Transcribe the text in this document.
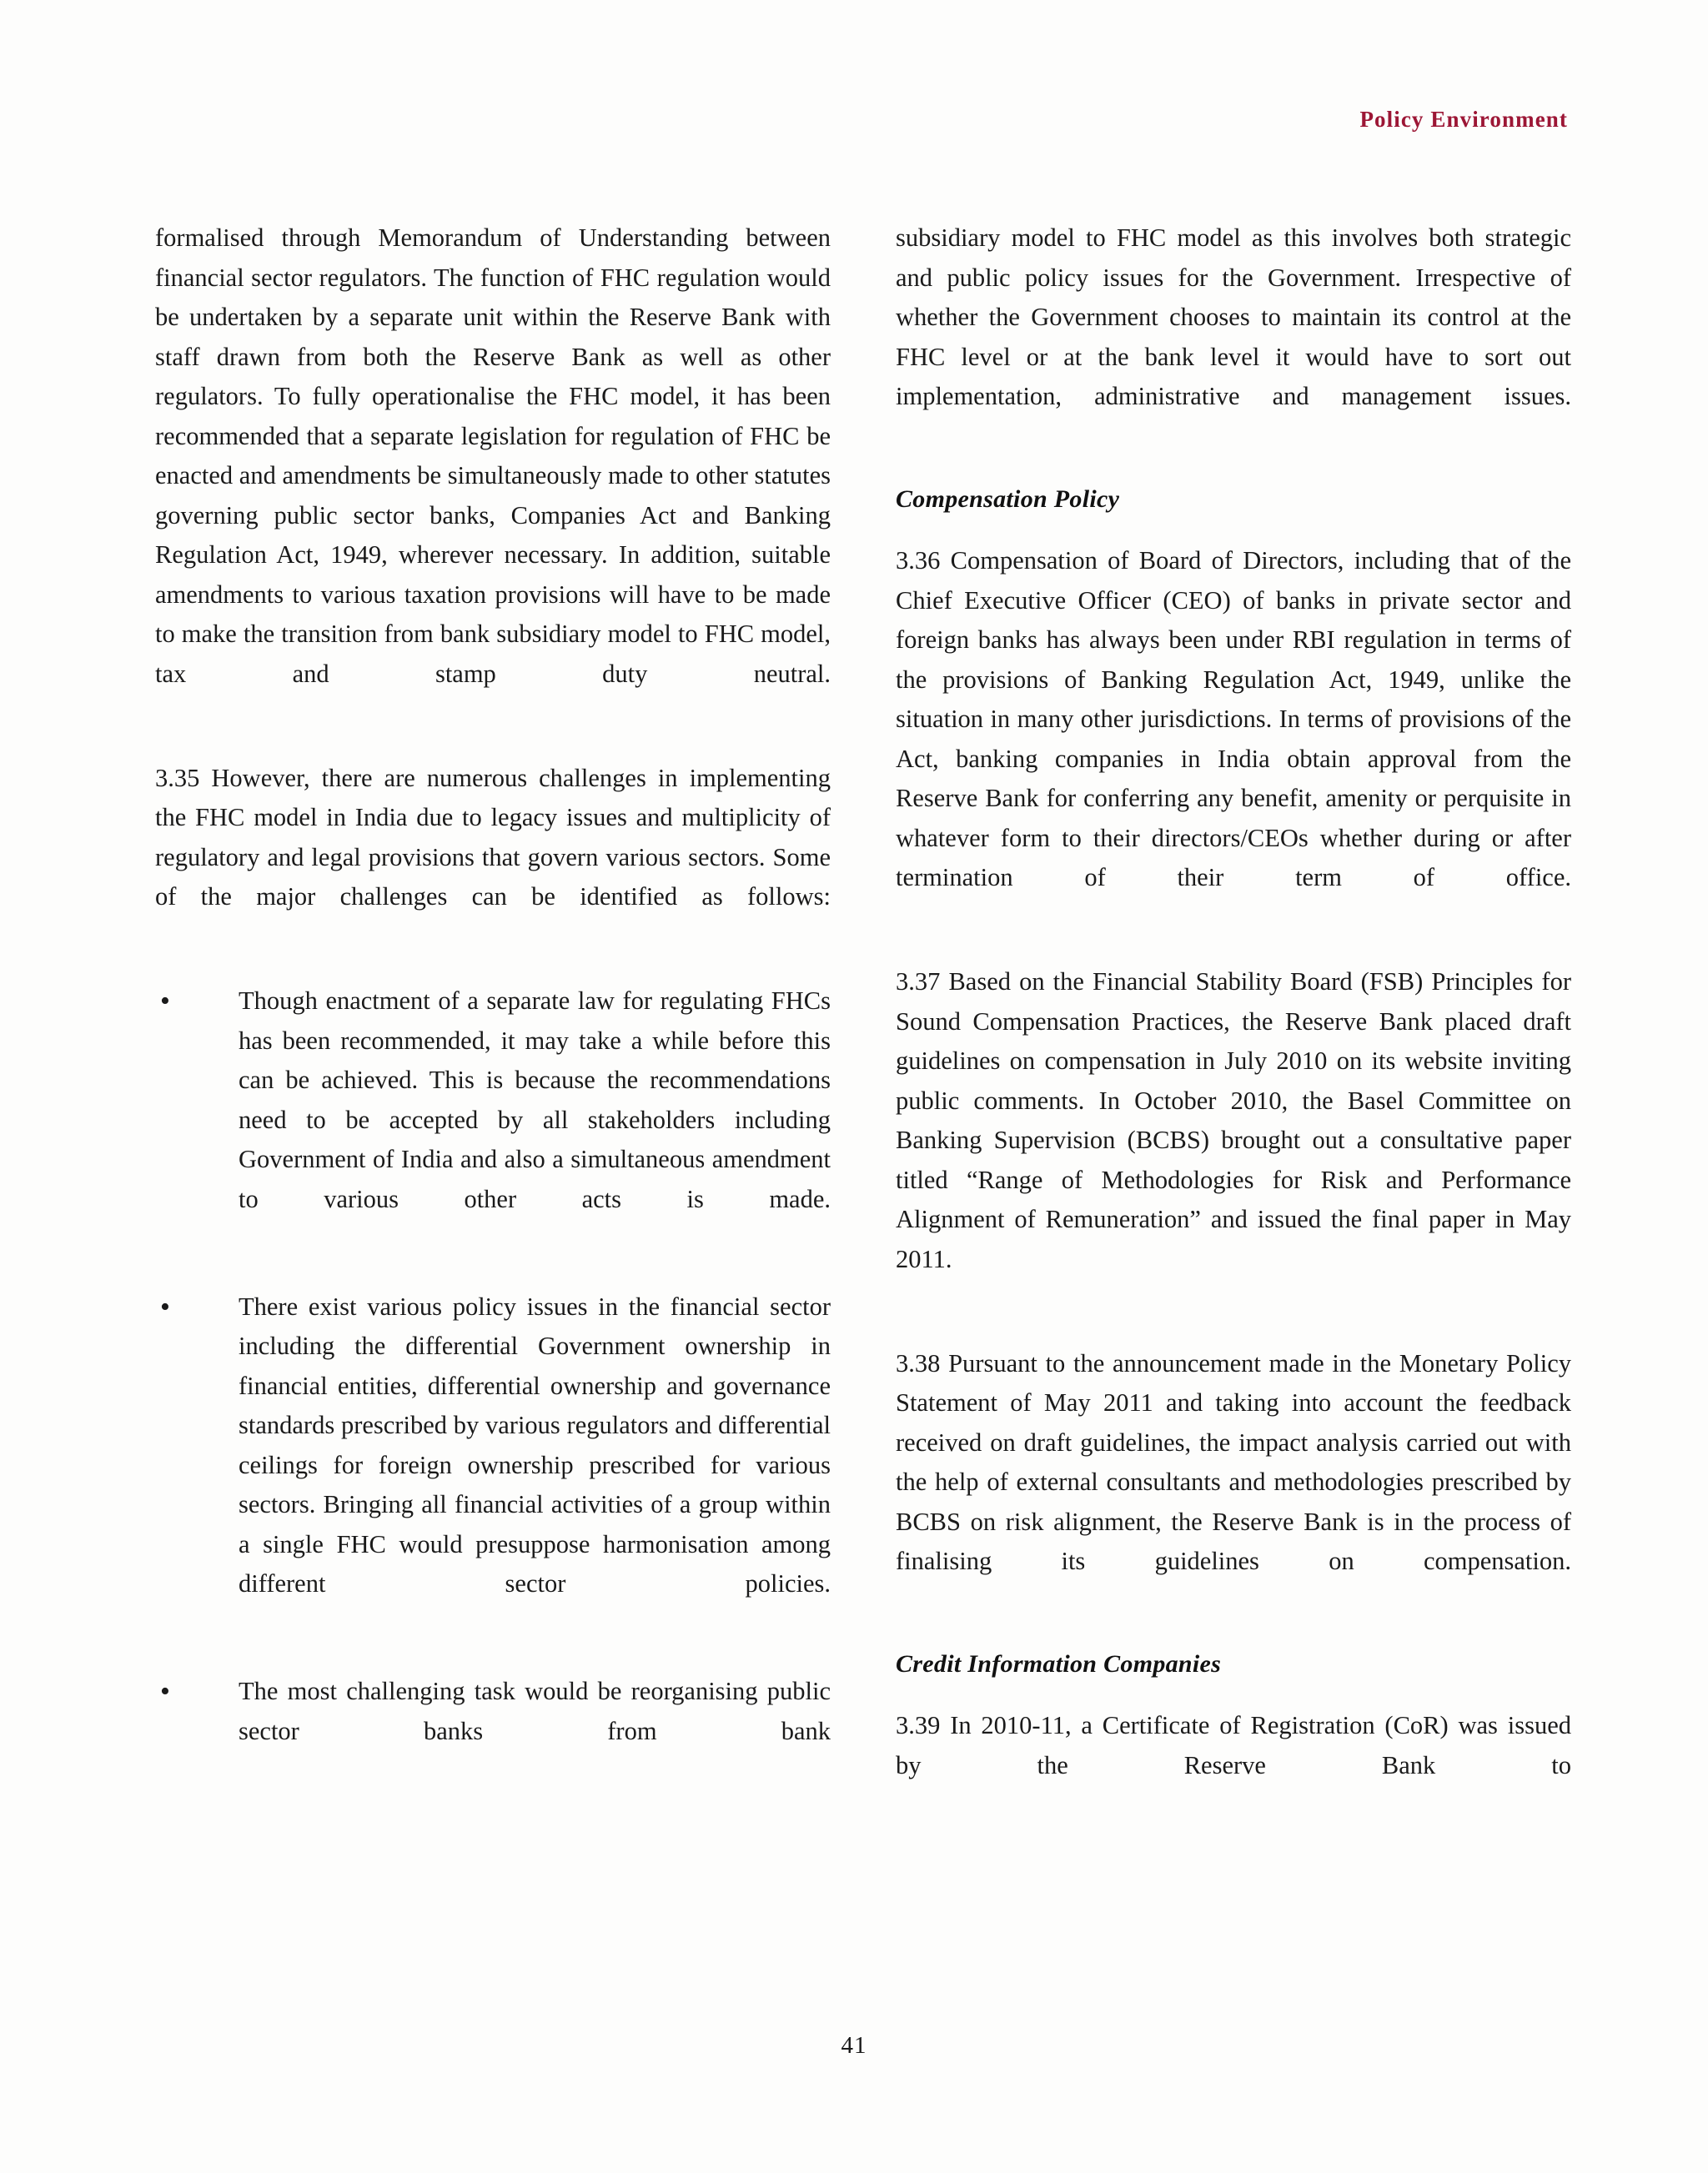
Policy Environment

formalised through Memorandum of Understanding between financial sector regulators. The function of FHC regulation would be undertaken by a separate unit within the Reserve Bank with staff drawn from both the Reserve Bank as well as other regulators. To fully operationalise the FHC model, it has been recommended that a separate legislation for regulation of FHC be enacted and amendments be simultaneously made to other statutes governing public sector banks, Companies Act and Banking Regulation Act, 1949, wherever necessary. In addition, suitable amendments to various taxation provisions will have to be made to make the transition from bank subsidiary model to FHC model, tax and stamp duty neutral.

3.35 However, there are numerous challenges in implementing the FHC model in India due to legacy issues and multiplicity of regulatory and legal provisions that govern various sectors. Some of the major challenges can be identified as follows:

•	Though enactment of a separate law for regulating FHCs has been recommended, it may take a while before this can be achieved. This is because the recommendations need to be accepted by all stakeholders including Government of India and also a simultaneous amendment to various other acts is made.
•	There exist various policy issues in the financial sector including the differential Government ownership in financial entities, differential ownership and governance standards prescribed by various regulators and differential ceilings for foreign ownership prescribed for various sectors. Bringing all financial activities of a group within a single FHC would presuppose harmonisation among different sector policies.
•	The most challenging task would be reorganising public sector banks from bank

subsidiary model to FHC model as this involves both strategic and public policy issues for the Government. Irrespective of whether the Government chooses to maintain its control at the FHC level or at the bank level it would have to sort out implementation, administrative and management issues.

Compensation Policy

3.36 Compensation of Board of Directors, including that of the Chief Executive Officer (CEO) of banks in private sector and foreign banks has always been under RBI regulation in terms of the provisions of Banking Regulation Act, 1949, unlike the situation in many other jurisdictions. In terms of provisions of the Act, banking companies in India obtain approval from the Reserve Bank for conferring any benefit, amenity or perquisite in whatever form to their directors/CEOs whether during or after termination of their term of office.

3.37 Based on the Financial Stability Board (FSB) Principles for Sound Compensation Practices, the Reserve Bank placed draft guidelines on compensation in July 2010 on its website inviting public comments. In October 2010, the Basel Committee on Banking Supervision (BCBS) brought out a consultative paper titled “Range of Methodologies for Risk and Performance Alignment of Remuneration” and issued the final paper in May 2011.

3.38 Pursuant to the announcement made in the Monetary Policy Statement of May 2011 and taking into account the feedback received on draft guidelines, the impact analysis carried out with the help of external consultants and methodologies prescribed by BCBS on risk alignment, the Reserve Bank is in the process of finalising its guidelines on compensation.

Credit Information Companies

3.39 In 2010-11, a Certificate of Registration (CoR) was issued by the Reserve Bank to

41
